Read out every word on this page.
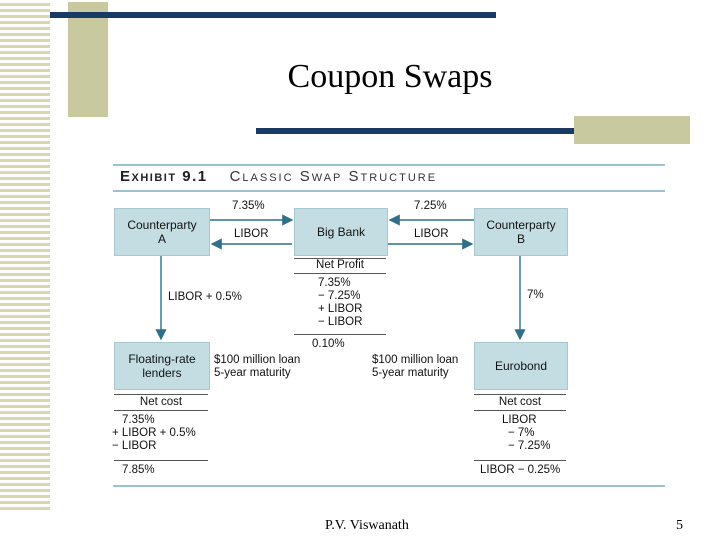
Coupon Swaps
Exhibit 9.1 Classic Swap Structure
Counterparty
A	Big Bank	Counterparty
B
Floating-rate
lenders	Eurobond
7.35%
LIBOR
7.25%
LIBOR
LIBOR + 0.5%	7%
$100 million loan
5-year maturity
$100 million loan
5-year maturity
Net Profit
7.35%
− 7.25%
+ LIBOR
− LIBOR
0.10%
Net cost
7.35%
+ LIBOR + 0.5%
− LIBOR
7.85%
Net cost
LIBOR
− 7%
− 7.25%
LIBOR − 0.25%
P.V. Viswanath	5
